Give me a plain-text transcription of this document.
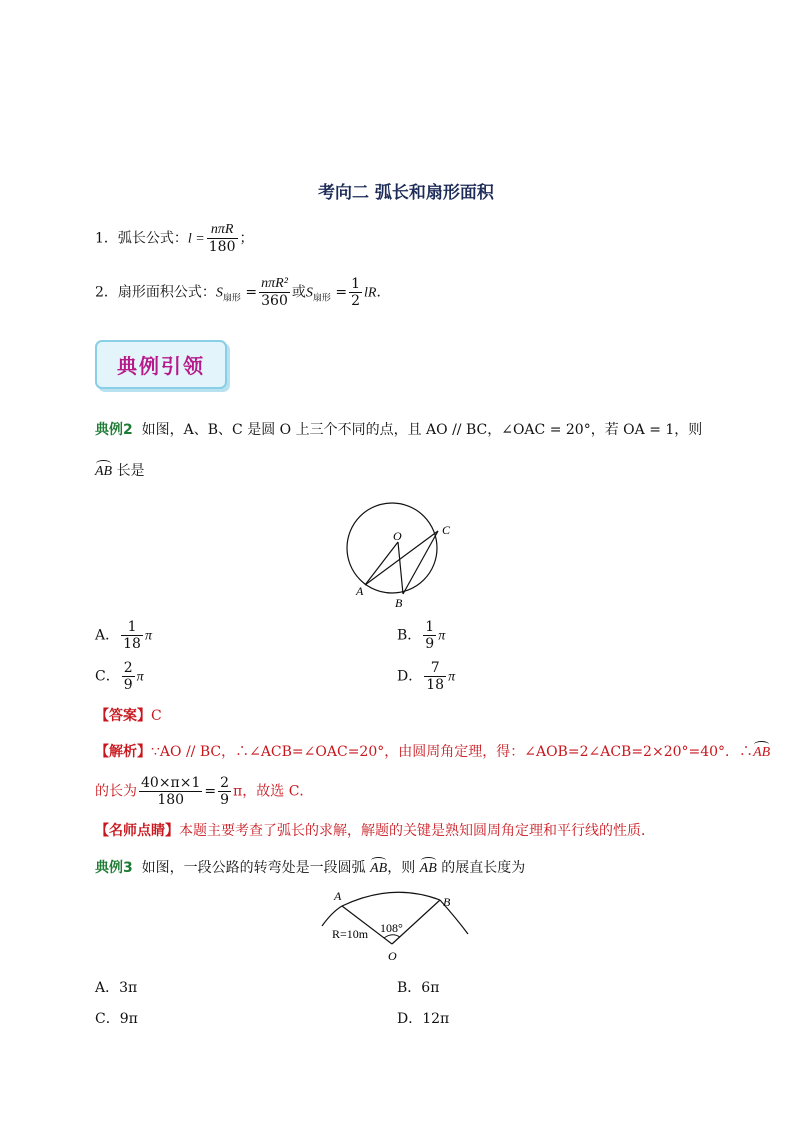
考向二 弧长和扇形面积
1．弧长公式：$l = \frac{\text{nπR}}{180}$ ；
2．扇形面积公式：$S_{扇形} = \frac{\text{nπR²}}{360}$ 或$S_{扇形} = \frac{1}{2}$ lR．
典例引领
典例2 如图，A、B、C 是圆 O 上三个不同的点，且 AO // BC，∠OAC = 20°，若 OA = 1，则
AB 长是
O	C
A
B
A． $\frac{1}{18}$ π	B． $\frac{1}{9}$ π
C． $\frac{2}{9}$ π	D． $\frac{7}{18}$ π
【答案】C
【解析】∵AO // BC，∴∠ACB=∠OAC=20°，由圆周角定理，得：∠AOB=2∠ACB=2×20°=40°．∴AB
的长为 $\frac{40\times\pi\times 1}{180} = \frac{2}{9}$ π，故选 C．
【名师点睛】本题主要考查了弧长的求解，解题的关键是熟知圆周角定理和平行线的性质．
典例3 如图，一段公路的转弯处是一段圆弧 AB，则 AB 的展直长度为
A	B
R=10m 108°
O
A．3π	B．6π
C．9π	D．12π
